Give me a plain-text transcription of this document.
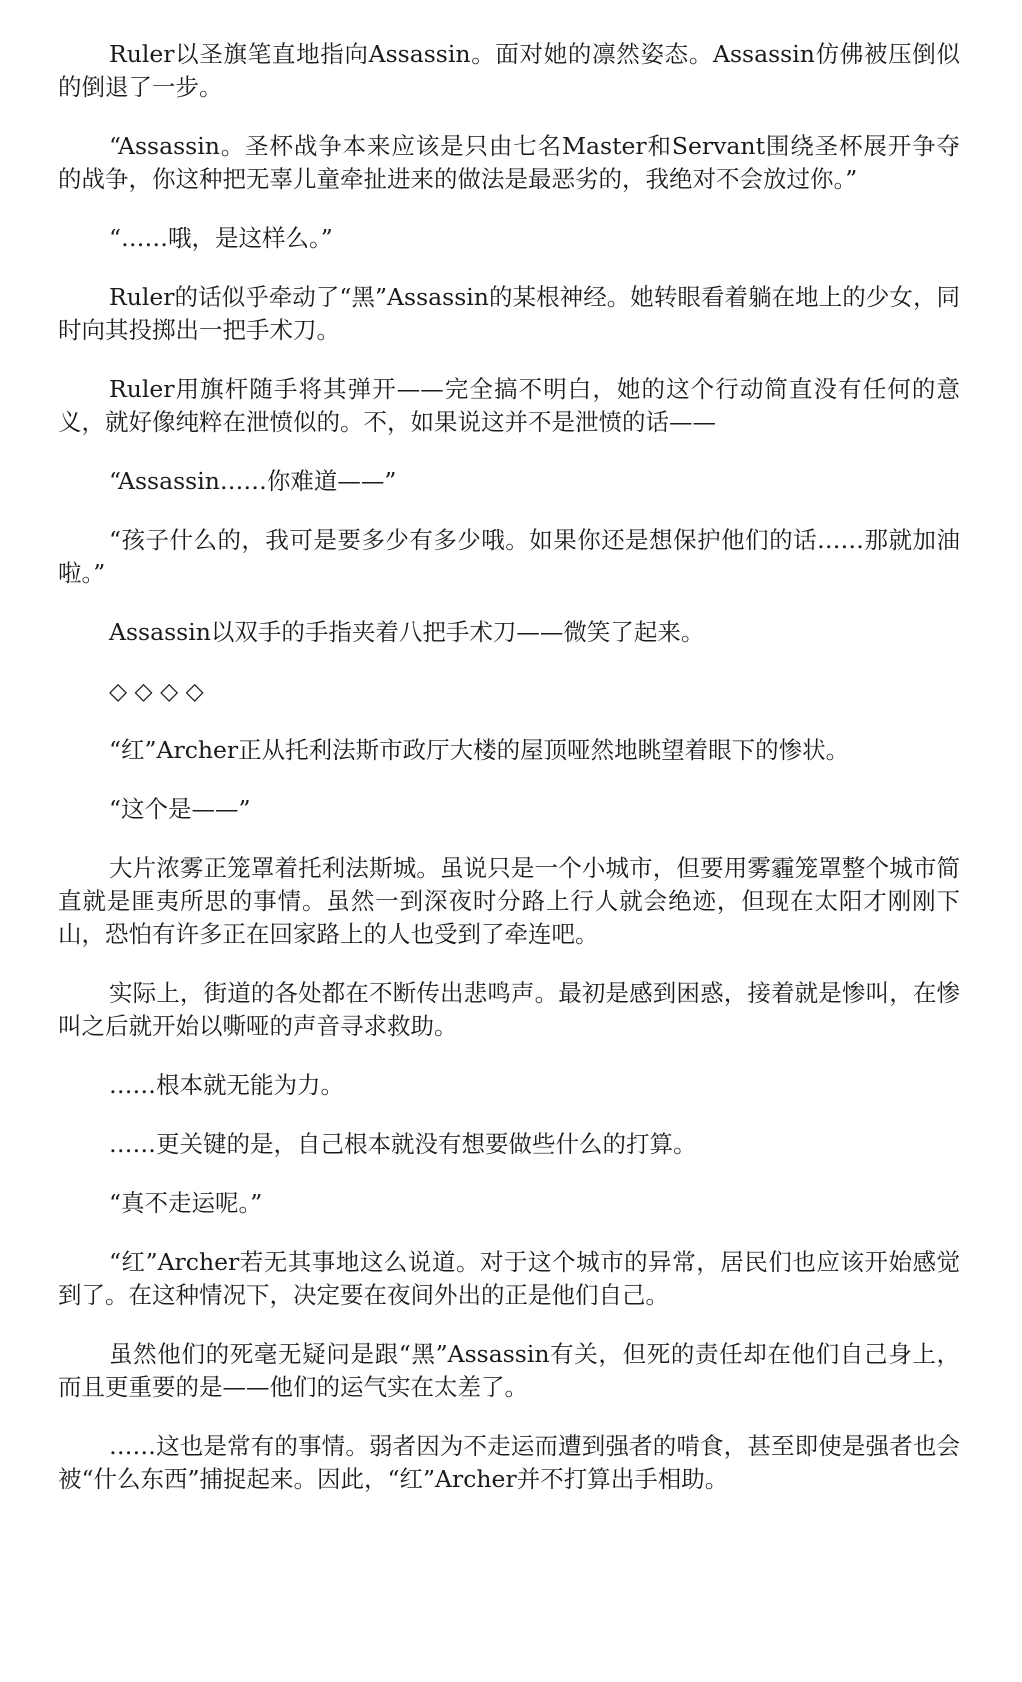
Ruler以圣旗笔直地指向Assassin。面对她的凛然姿态。Assassin仿佛被压倒似的倒退了一步。

“Assassin。圣杯战争本来应该是只由七名Master和Servant围绕圣杯展开争夺的战争，你这种把无辜儿童牵扯进来的做法是最恶劣的，我绝对不会放过你。”

“……哦，是这样么。”

Ruler的话似乎牵动了“黑”Assassin的某根神经。她转眼看着躺在地上的少女，同时向其投掷出一把手术刀。

Ruler用旗杆随手将其弹开——完全搞不明白，她的这个行动简直没有任何的意义，就好像纯粹在泄愤似的。不，如果说这并不是泄愤的话——

“Assassin……你难道——”

“孩子什么的，我可是要多少有多少哦。如果你还是想保护他们的话……那就加油啦。”

Assassin以双手的手指夹着八把手术刀——微笑了起来。

◇ ◇ ◇ ◇

“红”Archer正从托利法斯市政厅大楼的屋顶哑然地眺望着眼下的惨状。

“这个是——”

大片浓雾正笼罩着托利法斯城。虽说只是一个小城市，但要用雾霾笼罩整个城市简直就是匪夷所思的事情。虽然一到深夜时分路上行人就会绝迹，但现在太阳才刚刚下山，恐怕有许多正在回家路上的人也受到了牵连吧。

实际上，街道的各处都在不断传出悲鸣声。最初是感到困惑，接着就是惨叫，在惨叫之后就开始以嘶哑的声音寻求救助。

……根本就无能为力。

……更关键的是，自己根本就没有想要做些什么的打算。

“真不走运呢。”

“红”Archer若无其事地这么说道。对于这个城市的异常，居民们也应该开始感觉到了。在这种情况下，决定要在夜间外出的正是他们自己。

虽然他们的死毫无疑问是跟“黑”Assassin有关，但死的责任却在他们自己身上，而且更重要的是——他们的运气实在太差了。

……这也是常有的事情。弱者因为不走运而遭到强者的啃食，甚至即使是强者也会被“什么东西”捕捉起来。因此，“红”Archer并不打算出手相助。
